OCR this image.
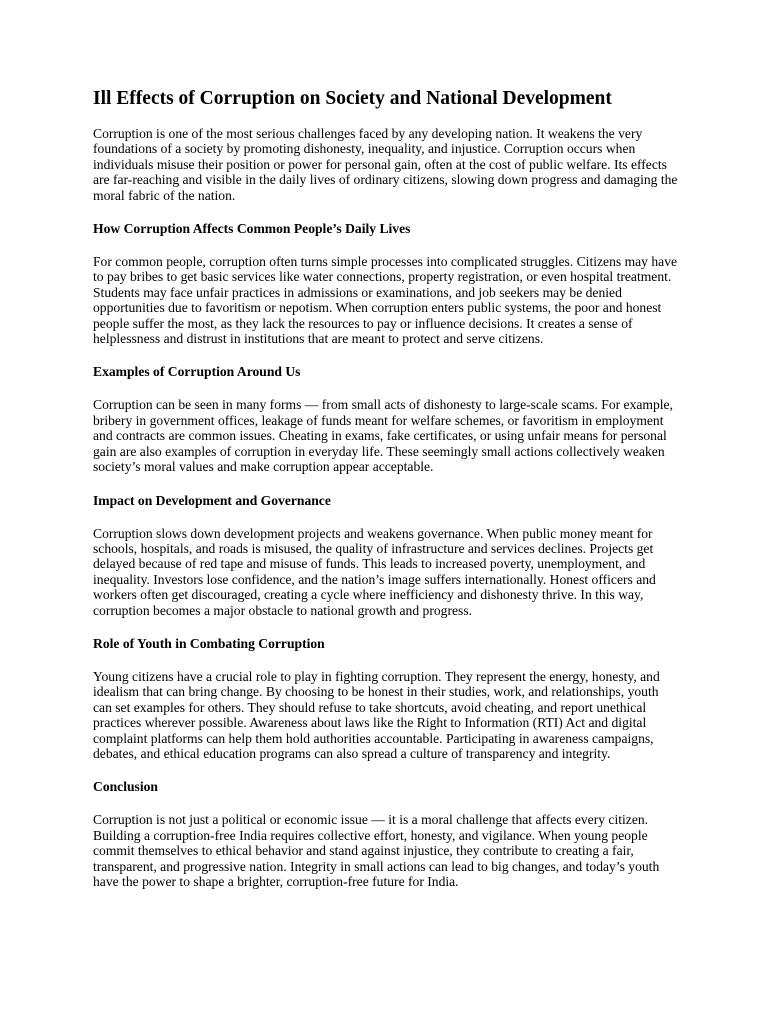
Ill Effects of Corruption on Society and National Development

Corruption is one of the most serious challenges faced by any developing nation. It weakens the very foundations of a society by promoting dishonesty, inequality, and injustice. Corruption occurs when individuals misuse their position or power for personal gain, often at the cost of public welfare. Its effects are far-reaching and visible in the daily lives of ordinary citizens, slowing down progress and damaging the moral fabric of the nation.

How Corruption Affects Common People’s Daily Lives

For common people, corruption often turns simple processes into complicated struggles. Citizens may have to pay bribes to get basic services like water connections, property registration, or even hospital treatment. Students may face unfair practices in admissions or examinations, and job seekers may be denied opportunities due to favoritism or nepotism. When corruption enters public systems, the poor and honest people suffer the most, as they lack the resources to pay or influence decisions. It creates a sense of helplessness and distrust in institutions that are meant to protect and serve citizens.

Examples of Corruption Around Us

Corruption can be seen in many forms — from small acts of dishonesty to large-scale scams. For example, bribery in government offices, leakage of funds meant for welfare schemes, or favoritism in employment and contracts are common issues. Cheating in exams, fake certificates, or using unfair means for personal gain are also examples of corruption in everyday life. These seemingly small actions collectively weaken society’s moral values and make corruption appear acceptable.

Impact on Development and Governance

Corruption slows down development projects and weakens governance. When public money meant for schools, hospitals, and roads is misused, the quality of infrastructure and services declines. Projects get delayed because of red tape and misuse of funds. This leads to increased poverty, unemployment, and inequality. Investors lose confidence, and the nation’s image suffers internationally. Honest officers and workers often get discouraged, creating a cycle where inefficiency and dishonesty thrive. In this way, corruption becomes a major obstacle to national growth and progress.

Role of Youth in Combating Corruption

Young citizens have a crucial role to play in fighting corruption. They represent the energy, honesty, and idealism that can bring change. By choosing to be honest in their studies, work, and relationships, youth can set examples for others. They should refuse to take shortcuts, avoid cheating, and report unethical practices wherever possible. Awareness about laws like the Right to Information (RTI) Act and digital complaint platforms can help them hold authorities accountable. Participating in awareness campaigns, debates, and ethical education programs can also spread a culture of transparency and integrity.

Conclusion

Corruption is not just a political or economic issue — it is a moral challenge that affects every citizen. Building a corruption-free India requires collective effort, honesty, and vigilance. When young people commit themselves to ethical behavior and stand against injustice, they contribute to creating a fair, transparent, and progressive nation. Integrity in small actions can lead to big changes, and today’s youth have the power to shape a brighter, corruption-free future for India.
